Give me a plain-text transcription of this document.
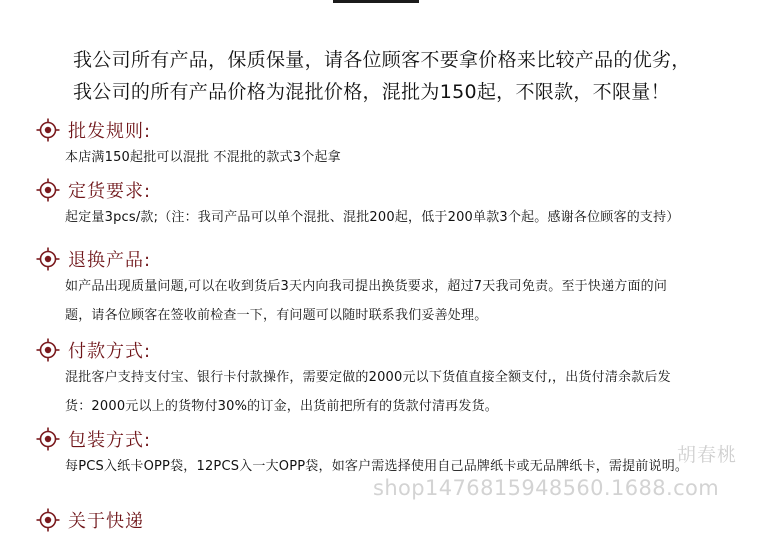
我公司所有产品，保质保量，请各位顾客不要拿价格来比较产品的优劣，
我公司的所有产品价格为混批价格，混批为150起，不限款，不限量！
批发规则:
本店满150起批可以混批 不混批的款式3个起拿
定货要求:
起定量3pcs/款;（注：我司产品可以单个混批、混批200起，低于200单款3个起。感谢各位顾客的支持）
退换产品:
如产品出现质量问题,可以在收到货后3天内向我司提出换货要求，超过7天我司免责。至于快递方面的问
题，请各位顾客在签收前检查一下，有问题可以随时联系我们妥善处理。
付款方式:
混批客户支持支付宝、银行卡付款操作，需要定做的2000元以下货值直接全额支付,，出货付清余款后发
货：2000元以上的货物付30%的订金，出货前把所有的货款付清再发货。
包装方式:
每PCS入纸卡OPP袋，12PCS入一大OPP袋，如客户需选择使用自己品牌纸卡或无品牌纸卡，需提前说明。
关于快递
胡春桃
shop1476815948560.1688.com
